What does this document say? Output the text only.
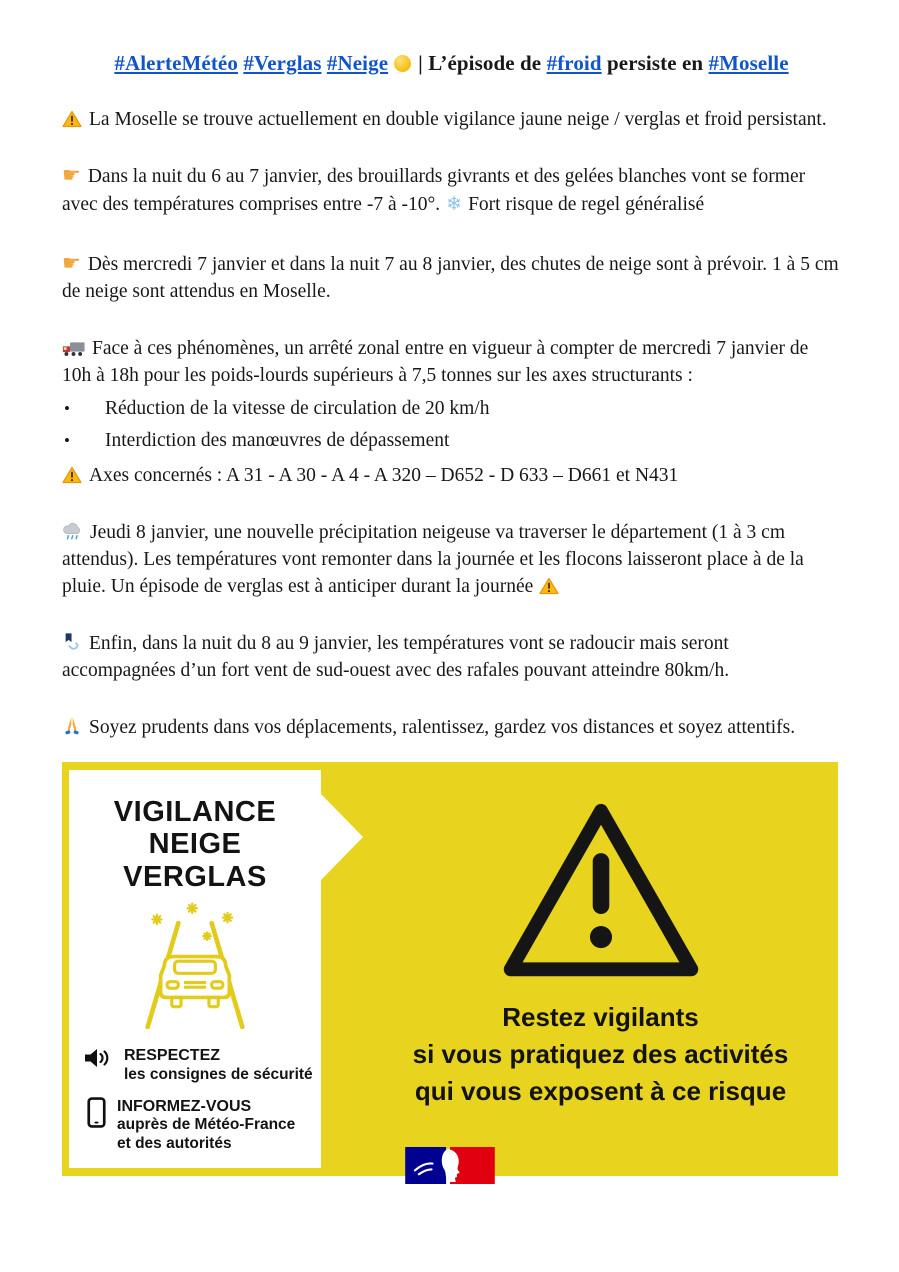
#AlerteMétéo #Verglas #Neige | L’épisode de #froid persiste en #Moselle

La Moselle se trouve actuellement en double vigilance jaune neige / verglas et froid persistant.

☛ Dans la nuit du 6 au 7 janvier, des brouillards givrants et des gelées blanches vont se former avec des températures comprises entre -7 à -10°. ❄ Fort risque de regel généralisé

☛ Dès mercredi 7 janvier et dans la nuit 7 au 8 janvier, des chutes de neige sont à prévoir. 1 à 5 cm de neige sont attendus en Moselle.

Face à ces phénomènes, un arrêté zonal entre en vigueur à compter de mercredi 7 janvier de 10h à 18h pour les poids-lourds supérieurs à 7,5 tonnes sur les axes structurants :

• Réduction de la vitesse de circulation de 20 km/h
• Interdiction des manœuvres de dépassement

Axes concernés : A 31 - A 30 - A 4 - A 320 – D652 - D 633 – D661 et N431

Jeudi 8 janvier, une nouvelle précipitation neigeuse va traverser le département (1 à 3 cm attendus). Les températures vont remonter dans la journée et les flocons laisseront place à de la pluie. Un épisode de verglas est à anticiper durant la journée

Enfin, dans la nuit du 8 au 9 janvier, les températures vont se radoucir mais seront accompagnées d’un fort vent de sud-ouest avec des rafales pouvant atteindre 80km/h.

Soyez prudents dans vos déplacements, ralentissez, gardez vos distances et soyez attentifs.

VIGILANCE
NEIGE
VERGLAS
RESPECTEZ
les consignes de sécurité
INFORMEZ-VOUS
auprès de Météo-France
et des autorités
Restez vigilants
si vous pratiquez des activités
qui vous exposent à ce risque
